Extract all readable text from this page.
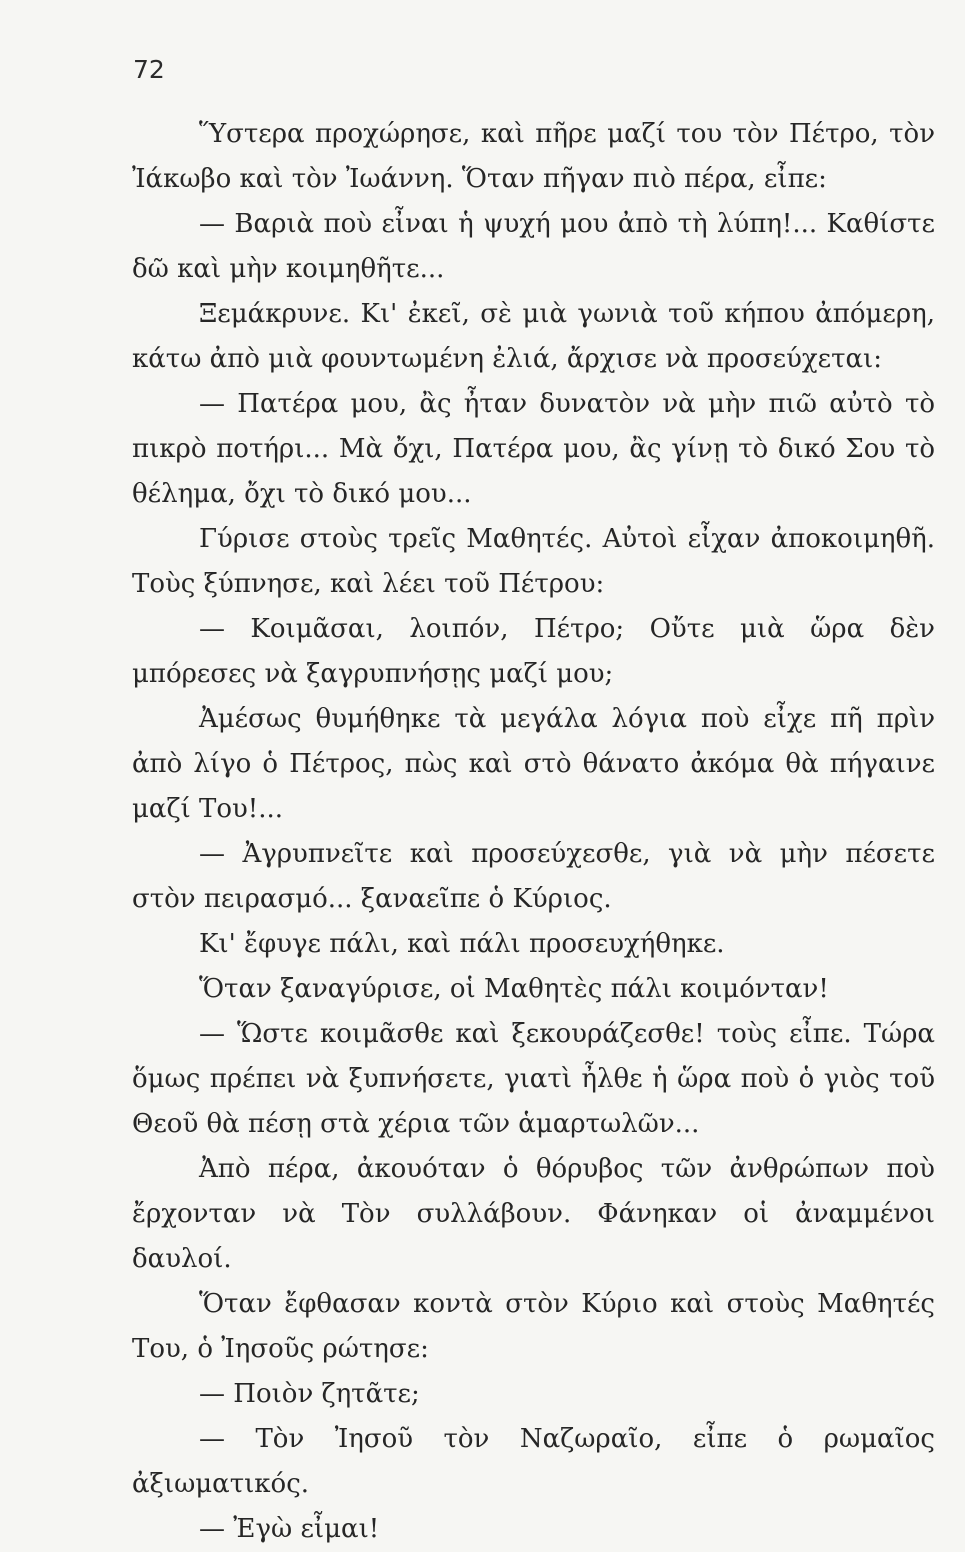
72

Ὕστερα προχώρησε, καὶ πῆρε μαζί του τὸν Πέτρο, τὸν Ἰάκωβο καὶ τὸν Ἰωάννη. Ὅταν πῆγαν πιὸ πέρα, εἶπε:

— Βαριὰ ποὺ εἶναι ἡ ψυχή μου ἀπὸ τὴ λύπη!... Καθίστε δῶ καὶ μὴν κοιμηθῆτε...

Ξεμάκρυνε. Κι' ἐκεῖ, σὲ μιὰ γωνιὰ τοῦ κήπου ἀπόμερη, κάτω ἀπὸ μιὰ φουντωμένη ἐλιά, ἄρχισε νὰ προσεύχεται:

— Πατέρα μου, ἂς ἦταν δυνατὸν νὰ μὴν πιῶ αὐτὸ τὸ πικρὸ ποτήρι... Μὰ ὄχι, Πατέρα μου, ἂς γίνῃ τὸ δικό Σου τὸ θέλημα, ὄχι τὸ δικό μου...

Γύρισε στοὺς τρεῖς Μαθητές. Αὐτοὶ εἶχαν ἀποκοιμηθῆ. Τοὺς ξύπνησε, καὶ λέει τοῦ Πέτρου:

— Κοιμᾶσαι, λοιπόν, Πέτρο; Οὔτε μιὰ ὥρα δὲν μπόρεσες νὰ ξαγρυπνήσῃς μαζί μου;

Ἀμέσως θυμήθηκε τὰ μεγάλα λόγια ποὺ εἶχε πῆ πρὶν ἀπὸ λίγο ὁ Πέτρος, πὼς καὶ στὸ θάνατο ἀκόμα θὰ πήγαινε μαζί Του!...

— Ἀγρυπνεῖτε καὶ προσεύχεσθε, γιὰ νὰ μὴν πέσετε στὸν πειρασμό... ξαναεῖπε ὁ Κύριος.

Κι' ἔφυγε πάλι, καὶ πάλι προσευχήθηκε.

Ὅταν ξαναγύρισε, οἱ Μαθητὲς πάλι κοιμόνταν!

— Ὥστε κοιμᾶσθε καὶ ξεκουράζεσθε! τοὺς εἶπε. Τώρα ὅμως πρέπει νὰ ξυπνήσετε, γιατὶ ἦλθε ἡ ὥρα ποὺ ὁ γιὸς τοῦ Θεοῦ θὰ πέσῃ στὰ χέρια τῶν ἁμαρτωλῶν...

Ἀπὸ πέρα, ἀκουόταν ὁ θόρυβος τῶν ἀνθρώπων ποὺ ἔρχονταν νὰ Τὸν συλλάβουν. Φάνηκαν οἱ ἀναμμένοι δαυλοί.

Ὅταν ἔφθασαν κοντὰ στὸν Κύριο καὶ στοὺς Μαθητές Του, ὁ Ἰησοῦς ρώτησε:

— Ποιὸν ζητᾶτε;

— Τὸν Ἰησοῦ τὸν Ναζωραῖο, εἶπε ὁ ρωμαῖος ἀξιωματικός.

— Ἐγὼ εἶμαι!
